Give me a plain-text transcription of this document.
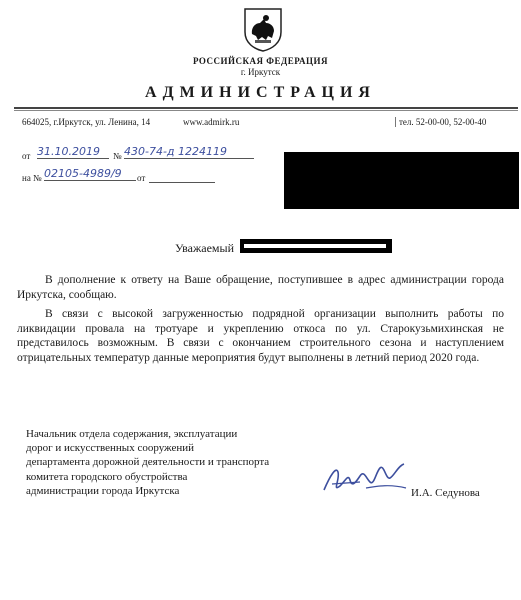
РОССИЙСКАЯ ФЕДЕРАЦИЯ
г. Иркутск
АДМИНИСТРАЦИЯ
664025, г.Иркутск, ул. Ленина, 14	www.admirk.ru	тел. 52-00-00, 52-00-40
от 31.10.2019	№ 430-74-д 1224119
на № 02105-4989/9	от
Уважаемый
В дополнение к ответу на Ваше обращение, поступившее в адрес администрации города Иркутска, сообщаю.
В связи с высокой загруженностью подрядной организации выполнить работы по ликвидации провала на тротуаре и укреплению откоса по ул. Старокузьмихинская не представилось возможным. В связи с окончанием строительного сезона и наступлением отрицательных температур данные мероприятия будут выполнены в летний период 2020 года.
Начальник отдела содержания, эксплуатации
дорог и искусственных сооружений
департамента дорожной деятельности и транспорта
комитета городского обустройства
администрации города Иркутска	И.А. Седунова
